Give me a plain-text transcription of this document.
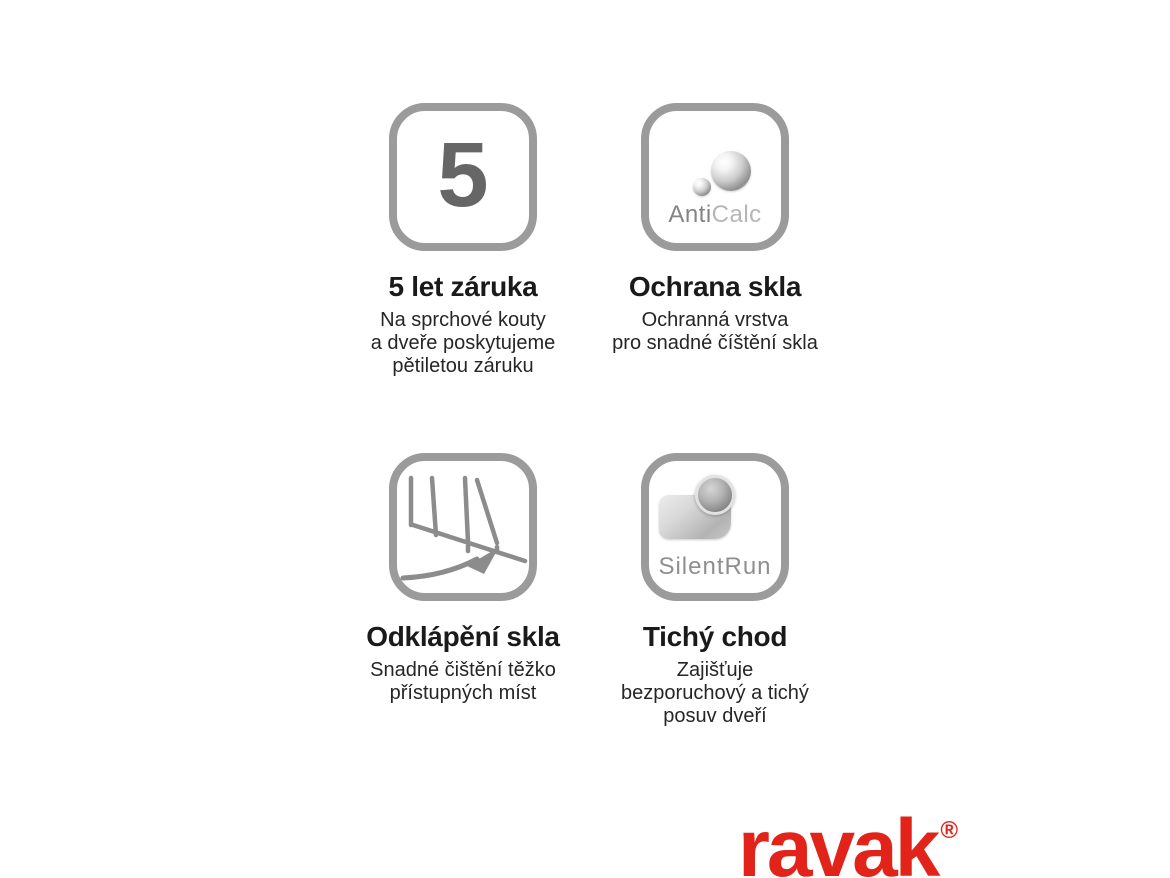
5
5 let záruka

Na sprchové kouty
a dveře poskytujeme
pětiletou záruku

AntiCalc
Ochrana skla

Ochranná vrstva
pro snadné číštění skla

Odklápění skla

Snadné čištění těžko
přístupných míst

SilentRun
Tichý chod

Zajišťuje
bezporuchový a tichý
posuv dveří

ravak ®
